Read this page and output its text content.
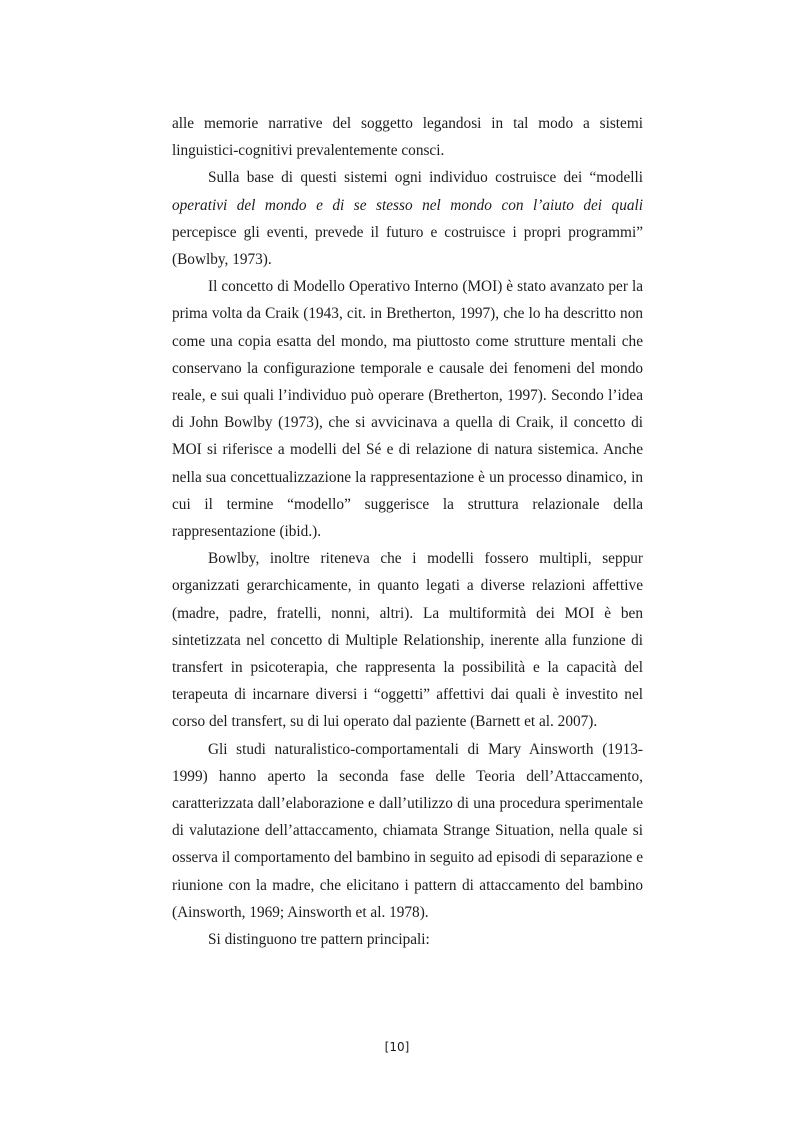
alle memorie narrative del soggetto legandosi in tal modo a sistemi linguistici-cognitivi prevalentemente consci.

Sulla base di questi sistemi ogni individuo costruisce dei “modelli operativi del mondo e di se stesso nel mondo con l’aiuto dei quali percepisce gli eventi, prevede il futuro e costruisce i propri programmi” (Bowlby, 1973).

Il concetto di Modello Operativo Interno (MOI) è stato avanzato per la prima volta da Craik (1943, cit. in Bretherton, 1997), che lo ha descritto non come una copia esatta del mondo, ma piuttosto come strutture mentali che conservano la configurazione temporale e causale dei fenomeni del mondo reale, e sui quali l’individuo può operare (Bretherton, 1997). Secondo l’idea di John Bowlby (1973), che si avvicinava a quella di Craik, il concetto di MOI si riferisce a modelli del Sé e di relazione di natura sistemica. Anche nella sua concettualizzazione la rappresentazione è un processo dinamico, in cui il termine “modello” suggerisce la struttura relazionale della rappresentazione (ibid.).

Bowlby, inoltre riteneva che i modelli fossero multipli, seppur organizzati gerarchicamente, in quanto legati a diverse relazioni affettive (madre, padre, fratelli, nonni, altri). La multiformità dei MOI è ben sintetizzata nel concetto di Multiple Relationship, inerente alla funzione di transfert in psicoterapia, che rappresenta la possibilità e la capacità del terapeuta di incarnare diversi i “oggetti” affettivi dai quali è investito nel corso del transfert, su di lui operato dal paziente (Barnett et al. 2007).

Gli studi naturalistico-comportamentali di Mary Ainsworth (1913-1999) hanno aperto la seconda fase delle Teoria dell’Attaccamento, caratterizzata dall’elaborazione e dall’utilizzo di una procedura sperimentale di valutazione dell’attaccamento, chiamata Strange Situation, nella quale si osserva il comportamento del bambino in seguito ad episodi di separazione e riunione con la madre, che elicitano i pattern di attaccamento del bambino (Ainsworth, 1969; Ainsworth et al. 1978).

Si distinguono tre pattern principali:

[10]
